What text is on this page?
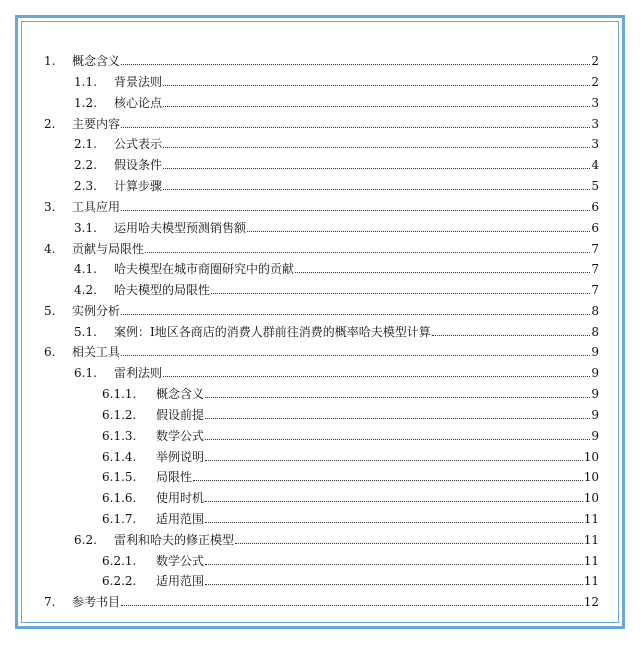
1.	概念含义	2
1.1.	背景法则	2
1.2.	核心论点	3
2.	主要内容	3
2.1.	公式表示	3
2.2.	假设条件	4
2.3.	计算步骤	5
3.	工具应用	6
3.1.	运用哈夫模型预测销售额	6
4.	贡献与局限性	7
4.1.	哈夫模型在城市商圈研究中的贡献	7
4.2.	哈夫模型的局限性	7
5.	实例分析	8
5.1.	案例：I地区各商店的消费人群前往消费的概率哈夫模型计算	8
6.	相关工具	9
6.1.	雷利法则	9
6.1.1.	概念含义	9
6.1.2.	假设前提	9
6.1.3.	数学公式	9
6.1.4.	举例说明	10
6.1.5.	局限性	10
6.1.6.	使用时机	10
6.1.7.	适用范围	11
6.2.	雷利和哈夫的修正模型	11
6.2.1.	数学公式	11
6.2.2.	适用范围	11
7.	参考书目	12
